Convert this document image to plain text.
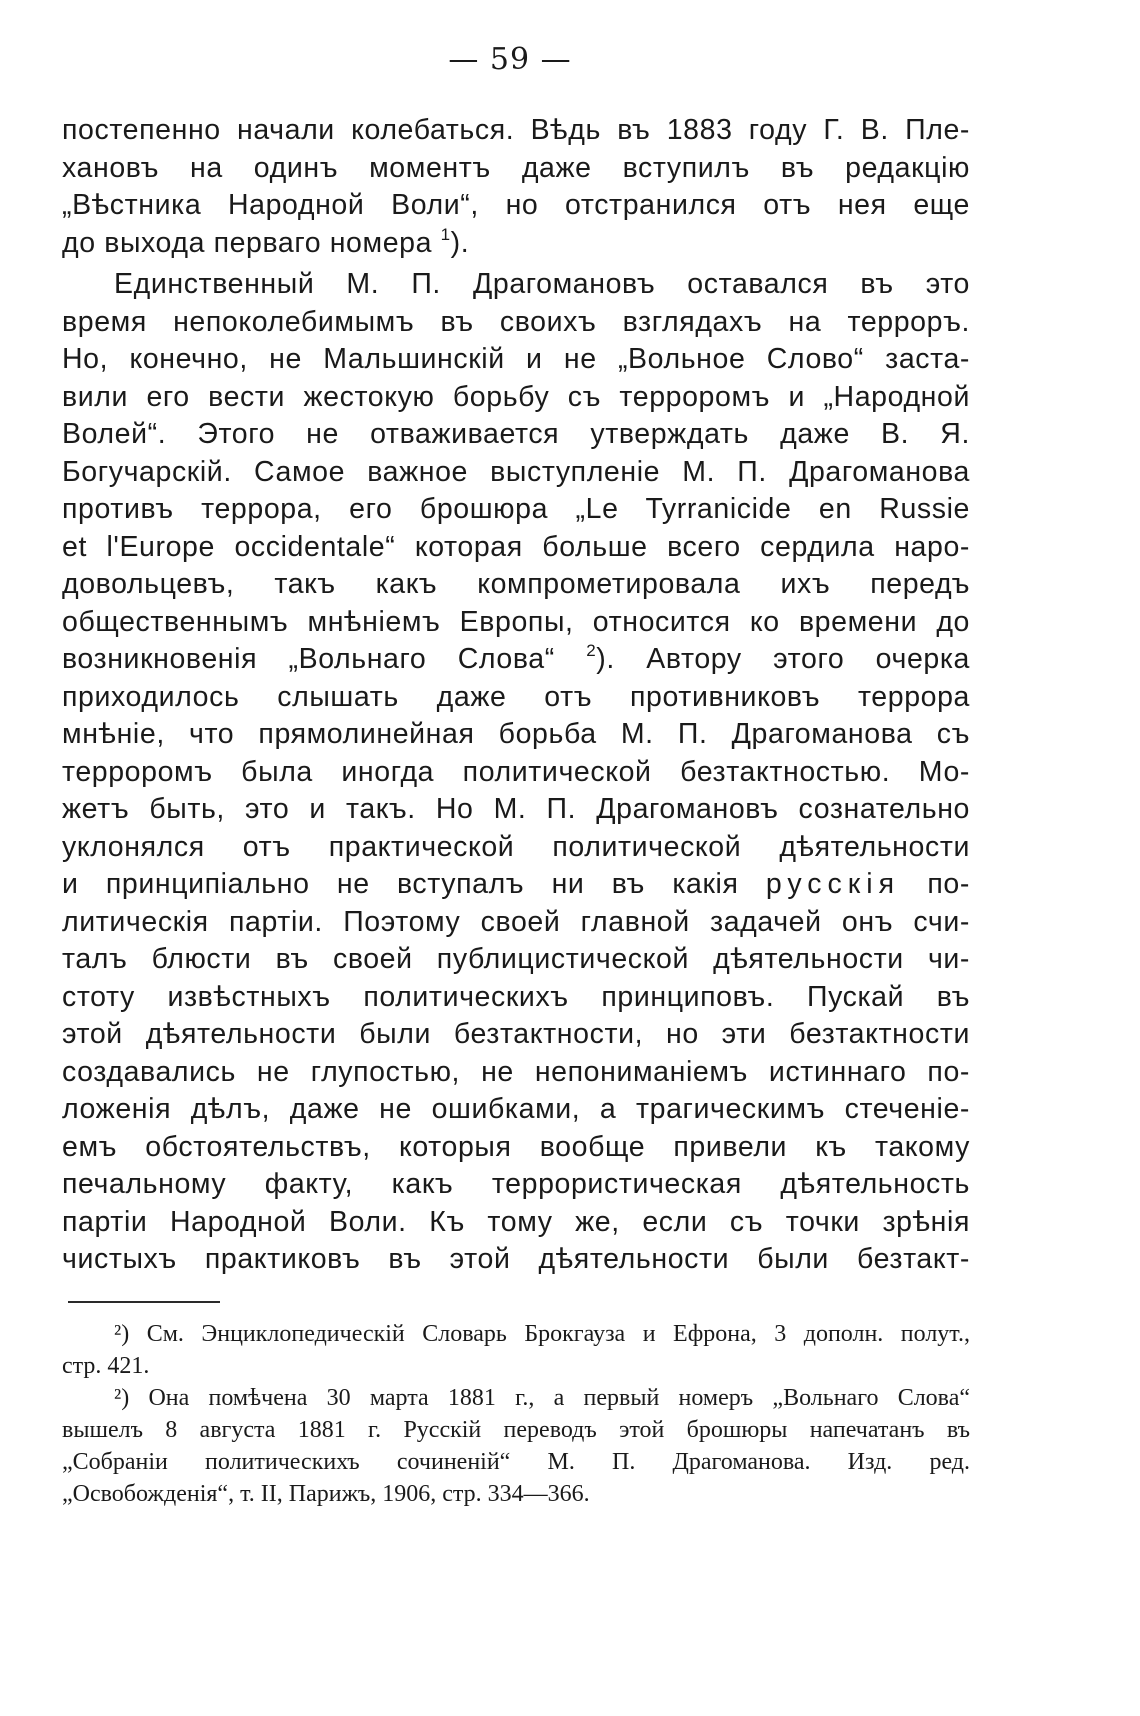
— 59 —
постепенно начали колебаться. Вѣдь въ 1883 году Г. В. Пле-
хановъ на одинъ моментъ даже вступилъ въ редакцію
„Вѣстника Народной Воли“, но отстранился отъ нея еще
до выхода перваго номера $^1$).
Единственный М. П. Драгомановъ оставался въ это
время непоколебимымъ въ своихъ взглядахъ на терроръ.
Но, конечно, не Мальшинскій и не „Вольное Слово“ заста-
вили его вести жестокую борьбу съ терроромъ и „Народной
Волей“. Этого не отваживается утверждать даже В. Я.
Богучарскій. Самое важное выступленіе М. П. Драгоманова
противъ террора, его брошюра „Le Tyrranicide en Russie
et l'Europe occidentale“ которая больше всего сердила наро-
довольцевъ, такъ какъ компрометировала ихъ передъ
общественнымъ мнѣніемъ Европы, относится ко времени до
возникновенія „Вольнаго Слова“ $^2$). Автору этого очерка
приходилось слышать даже отъ противниковъ террора
мнѣніе, что прямолинейная борьба М. П. Драгоманова съ
терроромъ была иногда политической безтактностью. Мо-
жетъ быть, это и такъ. Но М. П. Драгомановъ сознательно
уклонялся отъ практической политической дѣятельности
и принципіально не вступалъ ни въ какія русскія по-
литическія партіи. Поэтому своей главной задачей онъ счи-
талъ блюсти въ своей публицистической дѣятельности чи-
стоту извѣстныхъ политическихъ принциповъ. Пускай въ
этой дѣятельности были безтактности, но эти безтактности
создавались не глупостью, не непониманіемъ истиннаго по-
ложенія дѣлъ, даже не ошибками, а трагическимъ стеченіе-
емъ обстоятельствъ, которыя вообще привели къ такому
печальному факту, какъ террористическая дѣятельность
партіи Народной Воли. Къ тому же, если съ точки зрѣнія
чистыхъ практиковъ въ этой дѣятельности были безтакт-
²) См. Энциклопедическій Словарь Брокгауза и Ефрона, 3 дополн. полут.,
стр. 421.
²) Она помѣчена 30 марта 1881 г., а первый номеръ „Вольнаго Слова“
вышелъ 8 августа 1881 г. Русскій переводъ этой брошюры напечатанъ въ
„Собраніи политическихъ сочиненій“ М. П. Драгоманова. Изд. ред.
„Освобожденія“, т. II, Парижъ, 1906, стр. 334—366.
